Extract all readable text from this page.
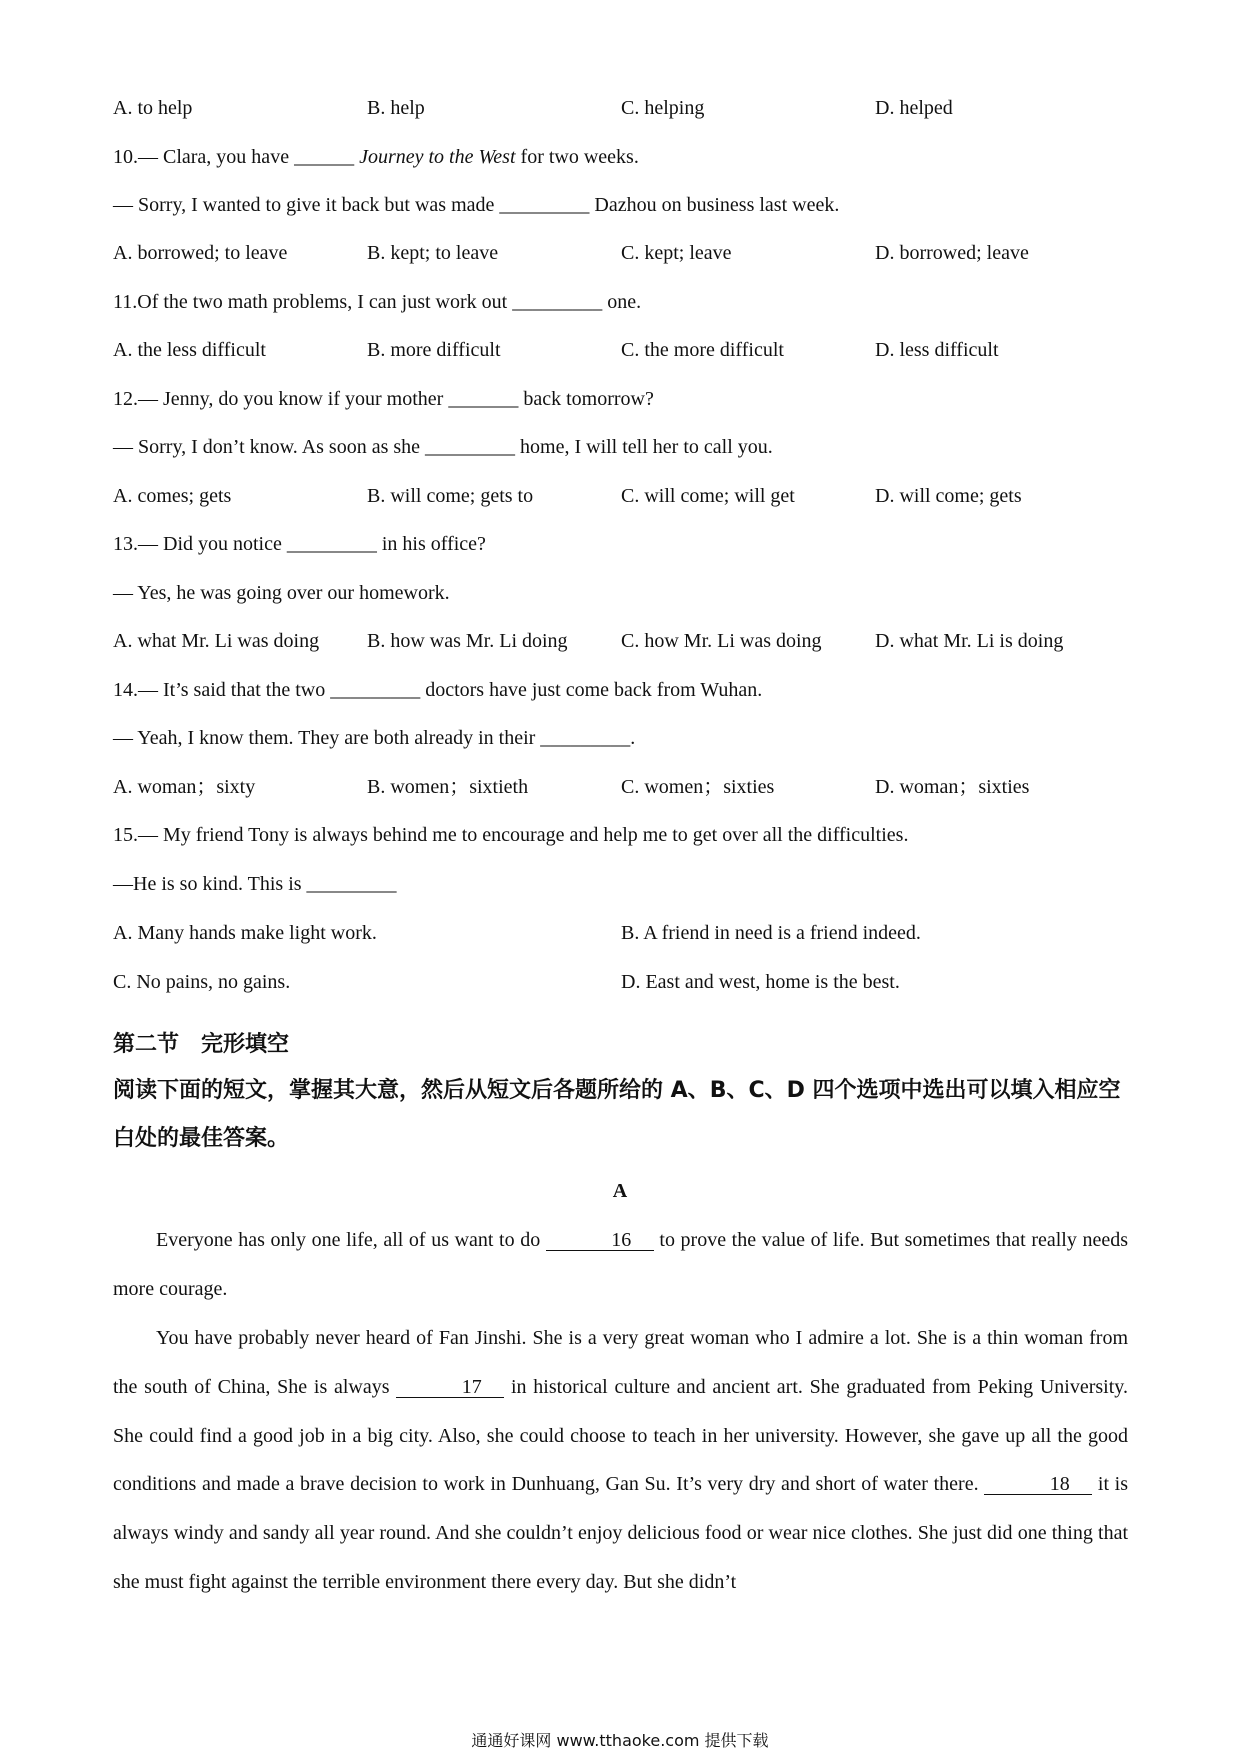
A. to help	B. help	C. helping	D. helped
10.— Clara, you have ______ Journey to the West for two weeks.
— Sorry, I wanted to give it back but was made _________ Dazhou on business last week.
A. borrowed; to leave	B. kept; to leave	C. kept; leave	D. borrowed; leave
11.Of the two math problems, I can just work out _________ one.
A. the less difficult	B. more difficult	C. the more difficult	D. less difficult
12.— Jenny, do you know if your mother _______ back tomorrow?
— Sorry, I don’t know. As soon as she _________ home, I will tell her to call you.
A. comes; gets	B. will come; gets to	C. will come; will get	D. will come; gets
13.— Did you notice _________ in his office?
— Yes, he was going over our homework.
A. what Mr. Li was doing B. how was Mr. Li doing	C. how Mr. Li was doing	D. what Mr. Li is doing
14.— It’s said that the two _________ doctors have just come back from Wuhan.
— Yeah, I know them. They are both already in their _________.
A. woman；sixty	B. women；sixtieth	C. women；sixties	D. woman；sixties
15.— My friend Tony is always behind me to encourage and help me to get over all the difficulties.
—He is so kind. This is _________
A. Many hands make light work.	B. A friend in need is a friend indeed.
C. No pains, no gains.	D. East and west, home is the best.
第二节　完形填空
阅读下面的短文，掌握其大意，然后从短文后各题所给的 A、B、C、D 四个选项中选出可以填入相应空白处的最佳答案。
A
Everyone has only one life, all of us want to do	16 to prove the value of life. But sometimes that really needs more courage.
You have probably never heard of Fan Jinshi. She is a very great woman who I admire a lot. She is a thin woman from the south of China, She is always	17 in historical culture and ancient art. She graduated from Peking University. She could find a good job in a big city. Also, she could choose to teach in her university. However, she gave up all the good conditions and made a brave decision to work in Dunhuang, Gan Su. It’s very dry and short of water there.	18 it is always windy and sandy all year round. And she couldn’t enjoy delicious food or wear nice clothes. She just did one thing that she must fight against the terrible environment there every day. But she didn’t
通通好课网 www.tthaoke.com 提供下载
